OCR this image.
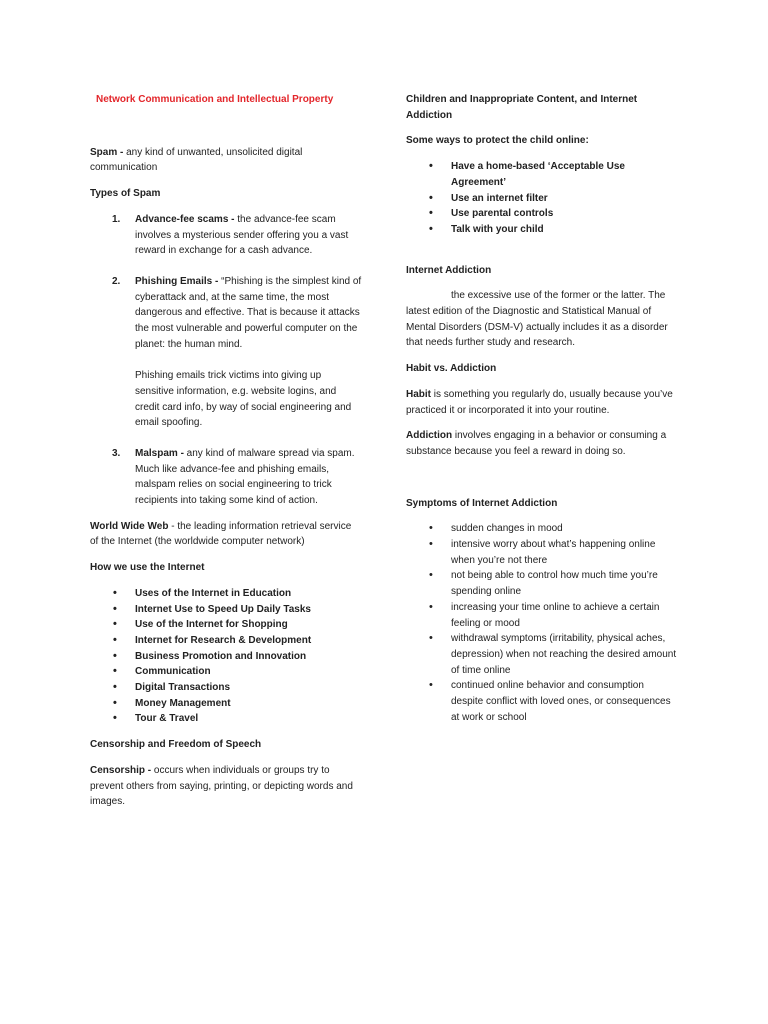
Network Communication and Intellectual Property

Spam - any kind of unwanted, unsolicited digital communication

Types of Spam

1. Advance-fee scams - the advance-fee scam involves a mysterious sender offering you a vast reward in exchange for a cash advance.

2. Phishing Emails - “Phishing is the simplest kind of cyberattack and, at the same time, the most dangerous and effective. That is because it attacks the most vulnerable and powerful computer on the planet: the human mind.

Phishing emails trick victims into giving up sensitive information, e.g. website logins, and credit card info, by way of social engineering and email spoofing.

3. Malspam - any kind of malware spread via spam. Much like advance-fee and phishing emails, malspam relies on social engineering to trick recipients into taking some kind of action.

World Wide Web - the leading information retrieval service of the Internet (the worldwide computer network)

How we use the Internet

• Uses of the Internet in Education
• Internet Use to Speed Up Daily Tasks
• Use of the Internet for Shopping
• Internet for Research & Development
• Business Promotion and Innovation
• Communication
• Digital Transactions
• Money Management
• Tour & Travel

Censorship and Freedom of Speech

Censorship - occurs when individuals or groups try to prevent others from saying, printing, or depicting words and images.

Children and Inappropriate Content, and Internet Addiction

Some ways to protect the child online:

• Have a home-based ‘Acceptable Use Agreement’
• Use an internet filter
• Use parental controls
• Talk with your child

Internet Addiction

the excessive use of the former or the latter. The latest edition of the Diagnostic and Statistical Manual of Mental Disorders (DSM-V) actually includes it as a disorder that needs further study and research.

Habit vs. Addiction

Habit is something you regularly do, usually because you’ve practiced it or incorporated it into your routine.

Addiction involves engaging in a behavior or consuming a substance because you feel a reward in doing so.

Symptoms of Internet Addiction

• sudden changes in mood
• intensive worry about what’s happening online when you’re not there
• not being able to control how much time you’re spending online
• increasing your time online to achieve a certain feeling or mood
• withdrawal symptoms (irritability, physical aches, depression) when not reaching the desired amount of time online
• continued online behavior and consumption despite conflict with loved ones, or consequences at work or school
